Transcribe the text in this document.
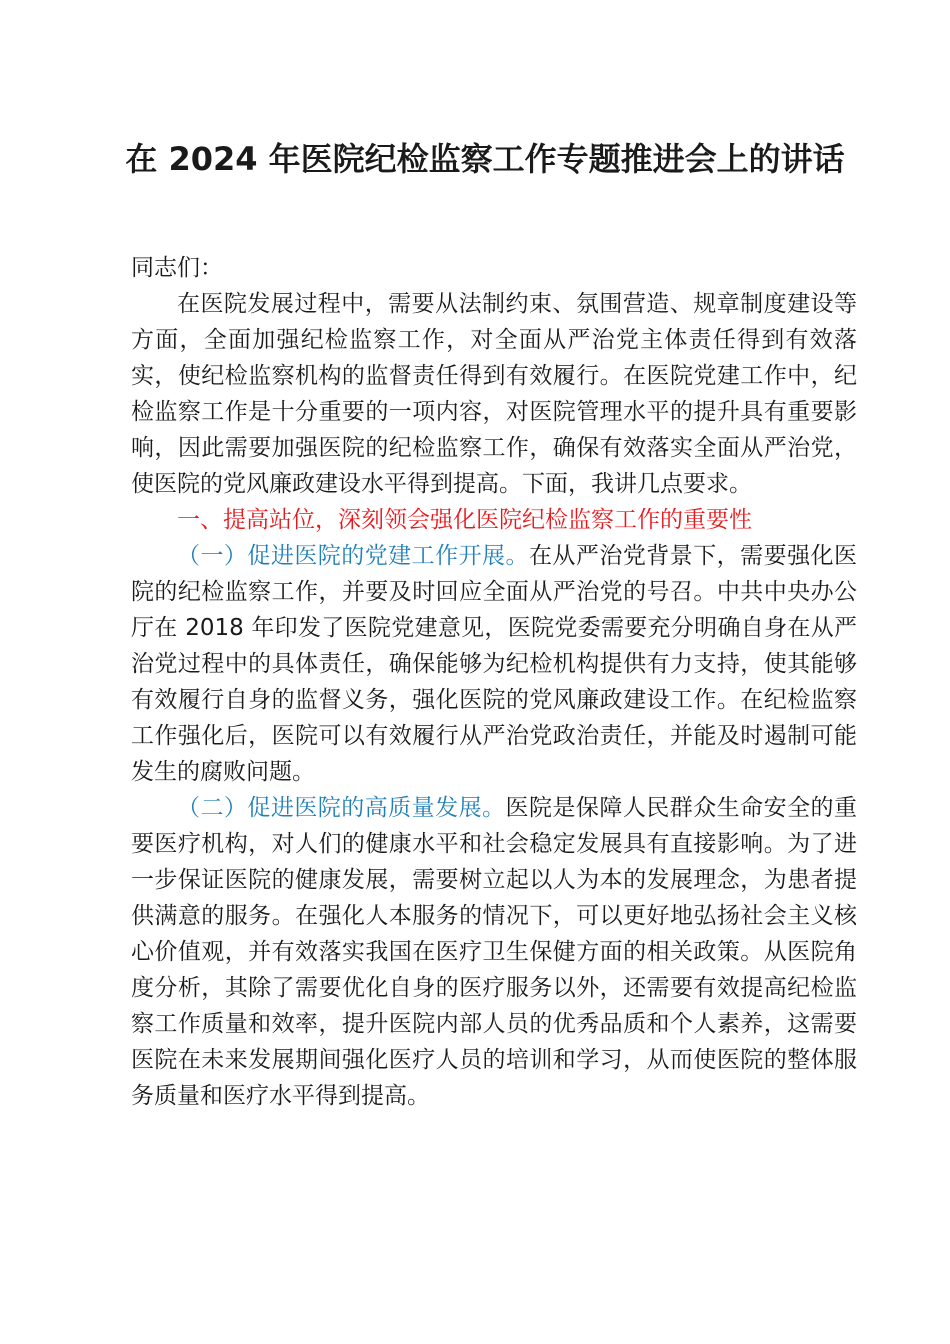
在 2024 年医院纪检监察工作专题推进会上的讲话

同志们：

在医院发展过程中，需要从法制约束、氛围营造、规章制度建设等方面，全面加强纪检监察工作，对全面从严治党主体责任得到有效落实，使纪检监察机构的监督责任得到有效履行。在医院党建工作中，纪检监察工作是十分重要的一项内容，对医院管理水平的提升具有重要影响，因此需要加强医院的纪检监察工作，确保有效落实全面从严治党，使医院的党风廉政建设水平得到提高。下面，我讲几点要求。

一、提高站位，深刻领会强化医院纪检监察工作的重要性

（一）促进医院的党建工作开展。在从严治党背景下，需要强化医院的纪检监察工作，并要及时回应全面从严治党的号召。中共中央办公厅在 2018 年印发了医院党建意见，医院党委需要充分明确自身在从严治党过程中的具体责任，确保能够为纪检机构提供有力支持，使其能够有效履行自身的监督义务，强化医院的党风廉政建设工作。在纪检监察工作强化后，医院可以有效履行从严治党政治责任，并能及时遏制可能发生的腐败问题。

（二）促进医院的高质量发展。医院是保障人民群众生命安全的重要医疗机构，对人们的健康水平和社会稳定发展具有直接影响。为了进一步保证医院的健康发展，需要树立起以人为本的发展理念，为患者提供满意的服务。在强化人本服务的情况下，可以更好地弘扬社会主义核心价值观，并有效落实我国在医疗卫生保健方面的相关政策。从医院角度分析，其除了需要优化自身的医疗服务以外，还需要有效提高纪检监察工作质量和效率，提升医院内部人员的优秀品质和个人素养，这需要医院在未来发展期间强化医疗人员的培训和学习，从而使医院的整体服务质量和医疗水平得到提高。
